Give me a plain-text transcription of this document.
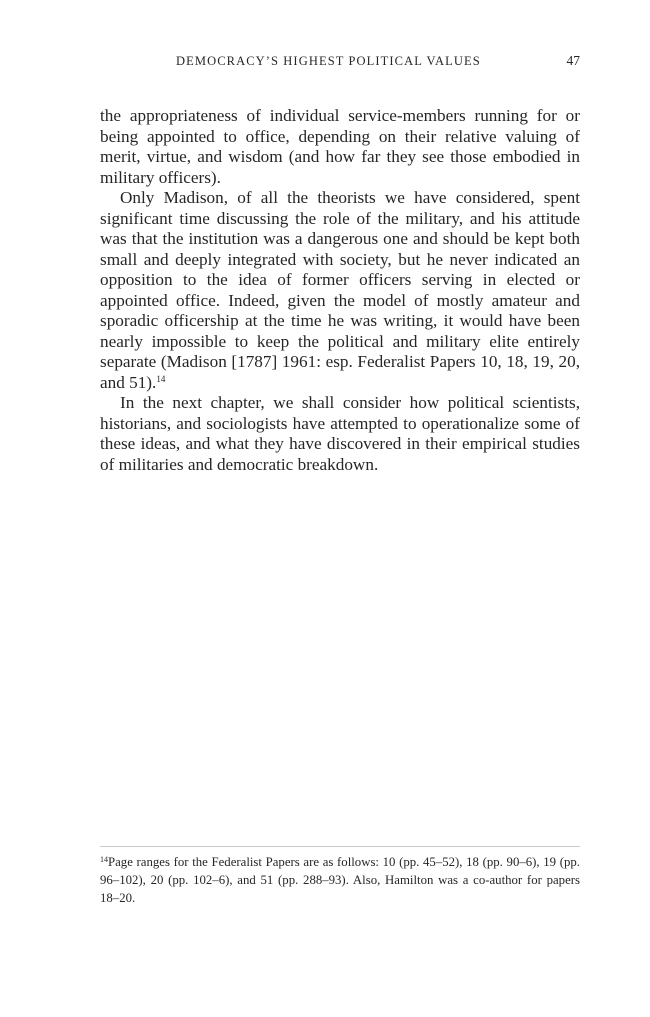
DEMOCRACY’S HIGHEST POLITICAL VALUES	47

the appropriateness of individual service-members running for or being appointed to office, depending on their relative valuing of merit, virtue, and wisdom (and how far they see those embodied in military officers).

Only Madison, of all the theorists we have considered, spent significant time discussing the role of the military, and his attitude was that the institution was a dangerous one and should be kept both small and deeply integrated with society, but he never indicated an opposition to the idea of former officers serving in elected or appointed office. Indeed, given the model of mostly amateur and sporadic officership at the time he was writing, it would have been nearly impossible to keep the political and military elite entirely separate (Madison [1787] 1961: esp. Federalist Papers 10, 18, 19, 20, and 51).$^{14}$

In the next chapter, we shall consider how political scientists, historians, and sociologists have attempted to operationalize some of these ideas, and what they have discovered in their empirical studies of militaries and democratic breakdown.

$^{14}$Page ranges for the Federalist Papers are as follows: 10 (pp. 45–52), 18 (pp. 90–6), 19 (pp. 96–102), 20 (pp. 102–6), and 51 (pp. 288–93). Also, Hamilton was a co-author for papers 18–20.
